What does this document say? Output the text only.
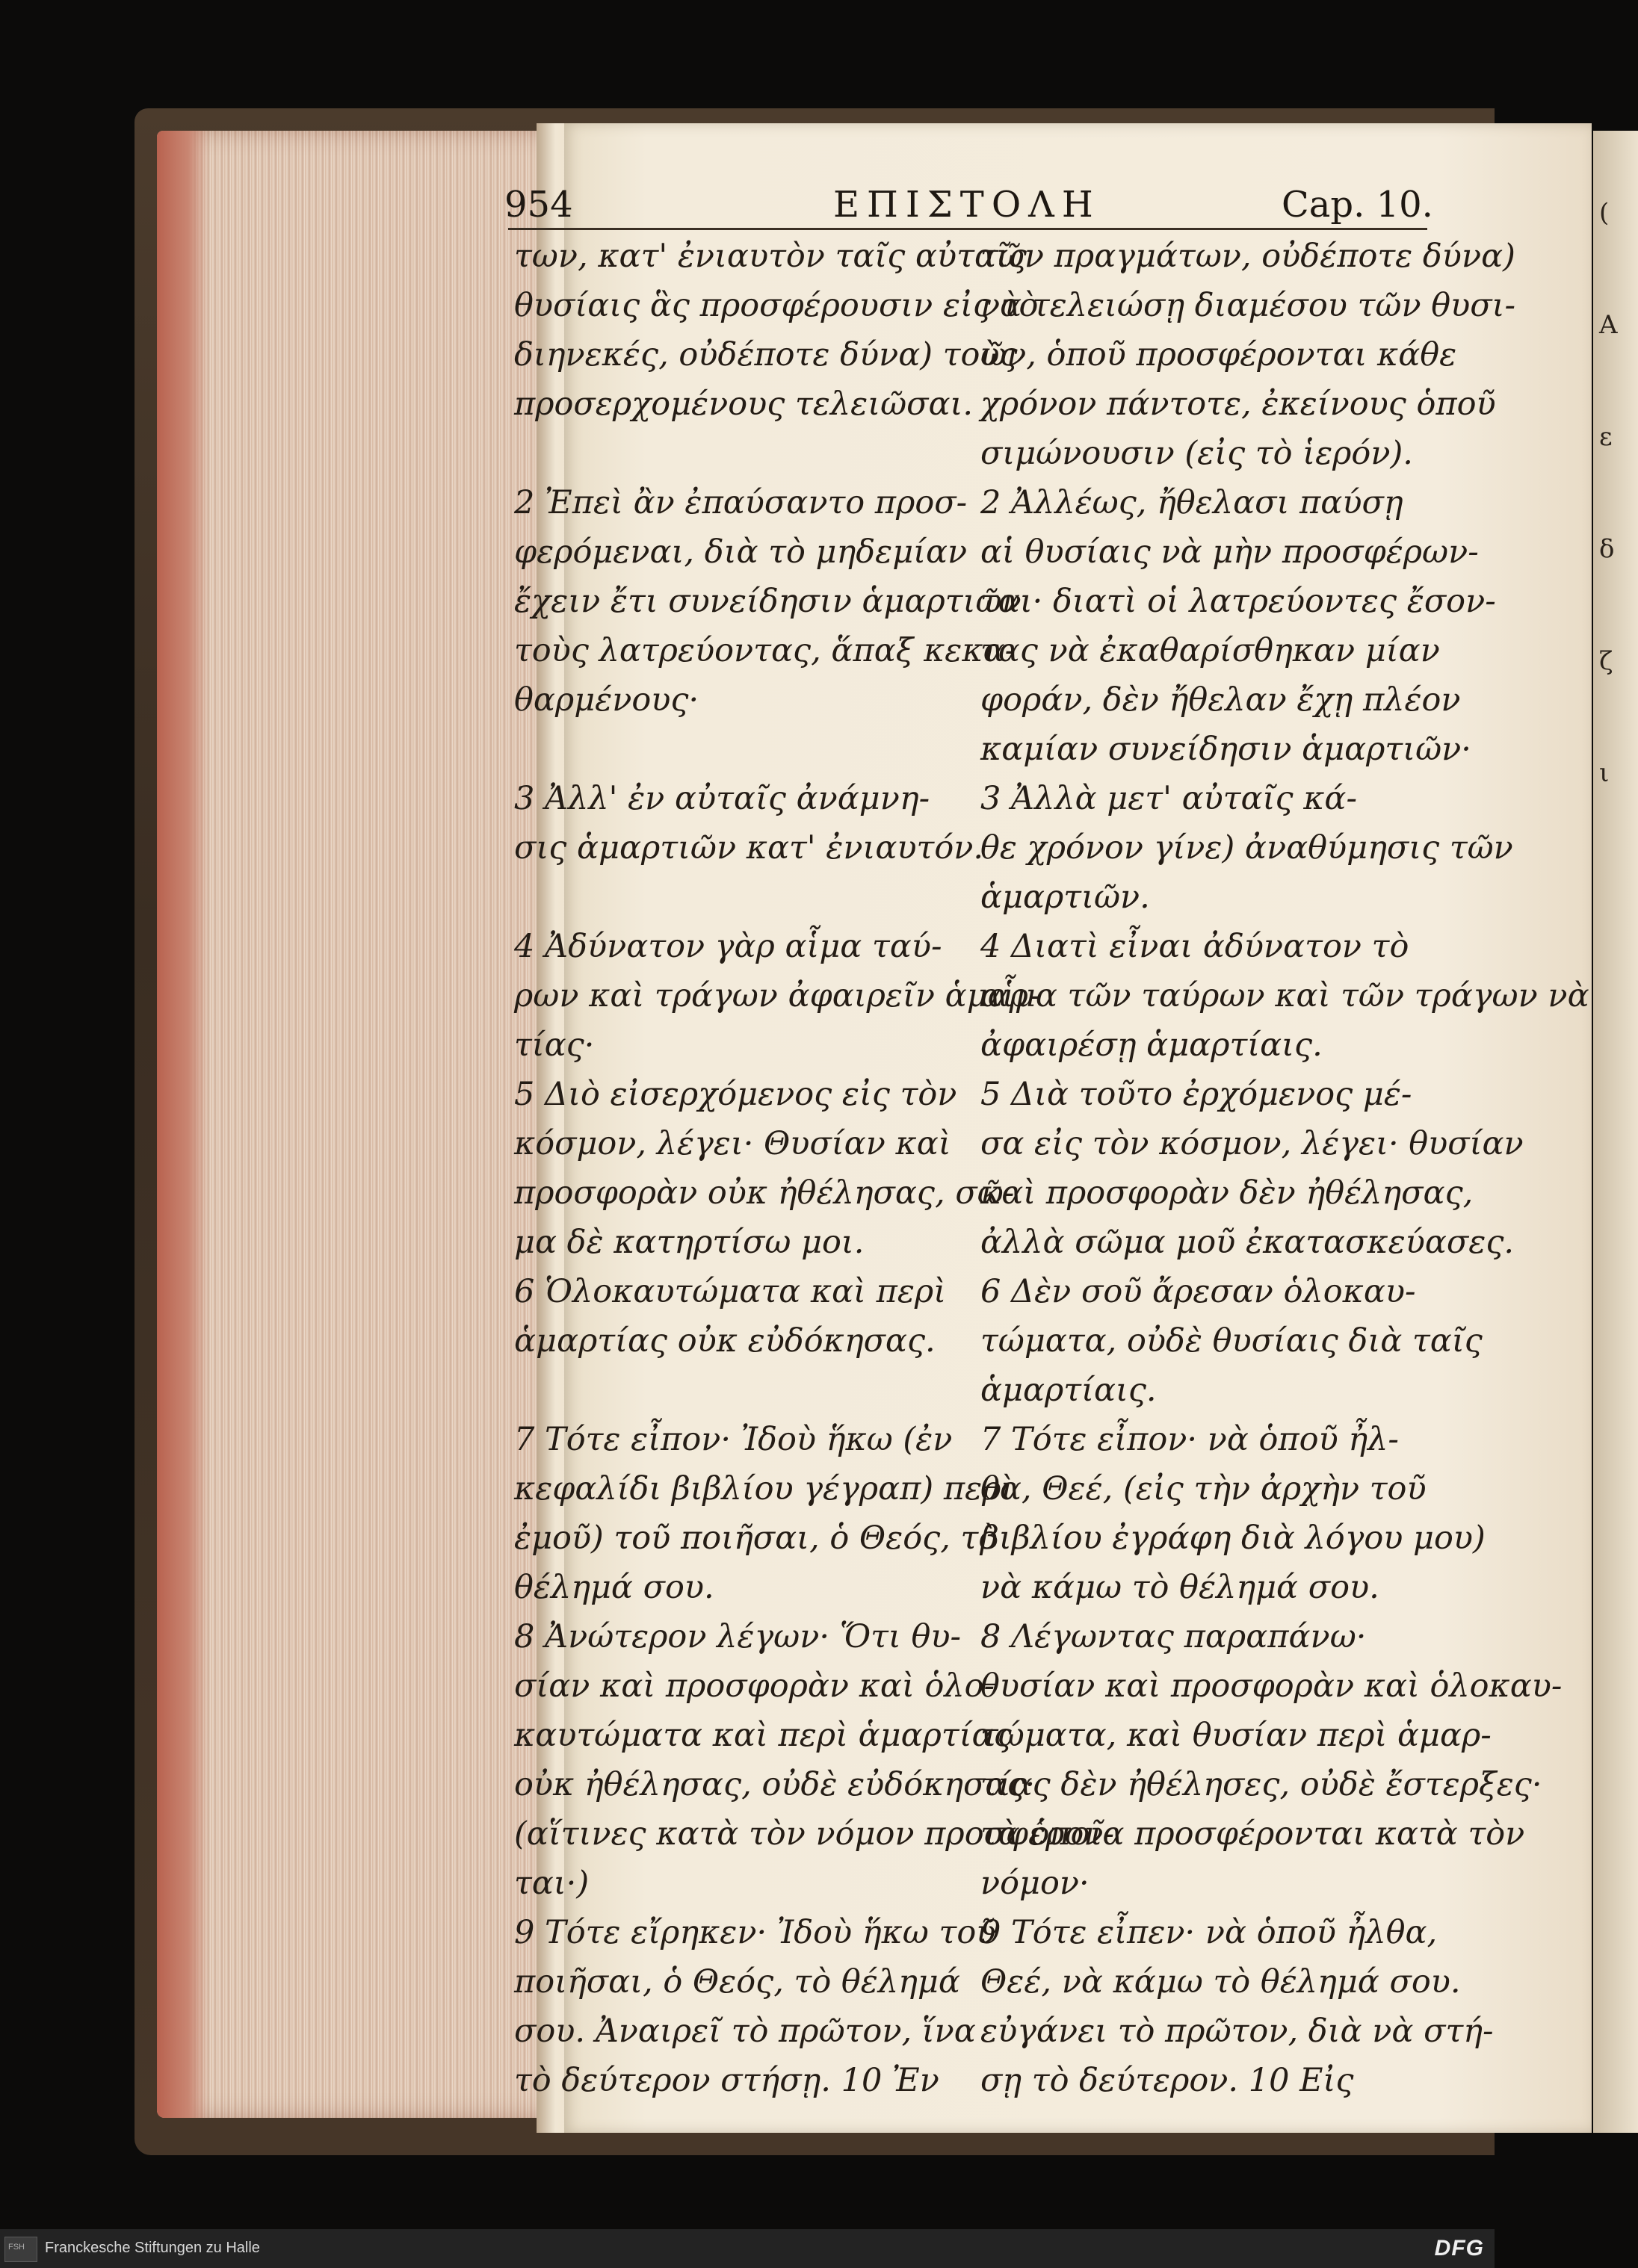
(
Α
ε
δ
ζ
ι
954	ΕΠΙΣΤΟΛΗ	Cap. 10.
των, κατ' ἐνιαυτὸν ταῖς αὐταῖς
θυσίαις ἃς προσφέρουσιν εἰς τὸ
διηνεκές, οὐδέποτε δύνα) τοὺς
προσερχομένους τελειῶσαι.
2 Ἐπεὶ ἂν ἐπαύσαντο προσ-
φερόμεναι, διὰ τὸ μηδεμίαν
ἔχειν ἔτι συνείδησιν ἁμαρτιῶν
τοὺς λατρεύοντας, ἅπαξ κεκα-
θαρμένους·
3 Ἀλλ' ἐν αὐταῖς ἀνάμνη-
σις ἁμαρτιῶν κατ' ἐνιαυτόν.
4 Ἀδύνατον γὰρ αἷμα ταύ-
ρων καὶ τράγων ἀφαιρεῖν ἁμαρ-
τίας·
5 Διὸ εἰσερχόμενος εἰς τὸν
κόσμον, λέγει· Θυσίαν καὶ
προσφορὰν οὐκ ἠθέλησας, σῶ-
μα δὲ κατηρτίσω μοι.
6 Ὁλοκαυτώματα καὶ περὶ
ἁμαρτίας οὐκ εὐδόκησας.
7 Τότε εἶπον· Ἰδοὺ ἥκω (ἐν
κεφαλίδι βιβλίου γέγραπ) περὶ
ἐμοῦ) τοῦ ποιῆσαι, ὁ Θεός, τὸ
θέλημά σου.
8 Ἀνώτερον λέγων· Ὅτι θυ-
σίαν καὶ προσφορὰν καὶ ὁλο-
καυτώματα καὶ περὶ ἁμαρτίας
οὐκ ἠθέλησας, οὐδὲ εὐδόκησας·
(αἵτινες κατὰ τὸν νόμον προσφέρον-
ται·)
9 Τότε εἴρηκεν· Ἰδοὺ ἥκω τοῦ
ποιῆσαι, ὁ Θεός, τὸ θέλημά
σου. Ἀναιρεῖ τὸ πρῶτον, ἵνα
τὸ δεύτερον στήσῃ. 10 Ἐν
τῶν πραγμάτων, οὐδέποτε δύνα)
νὰ τελειώσῃ διαμέσου τῶν θυσι-
ῶν, ὁποῦ προσφέρονται κάθε
χρόνον πάντοτε, ἐκείνους ὁποῦ
σιμώνουσιν (εἰς τὸ ἱερόν).
2 Ἀλλέως, ἤθελασι παύσῃ
αἱ θυσίαις νὰ μὴν προσφέρων-
ται· διατὶ οἱ λατρεύοντες ἔσον-
τας νὰ ἐκαθαρίσθηκαν μίαν
φοράν, δὲν ἤθελαν ἔχῃ πλέον
καμίαν συνείδησιν ἁμαρτιῶν·
3 Ἀλλὰ μετ' αὐταῖς κά-
θε χρόνον γίνε) ἀναθύμησις τῶν
ἁμαρτιῶν.
4 Διατὶ εἶναι ἀδύνατον τὸ
αἷμα τῶν ταύρων καὶ τῶν τράγων νὰ
ἀφαιρέσῃ ἁμαρτίαις.
5 Διὰ τοῦτο ἐρχόμενος μέ-
σα εἰς τὸν κόσμον, λέγει· θυσίαν
καὶ προσφορὰν δὲν ἠθέλησας,
ἀλλὰ σῶμα μοῦ ἐκατασκεύασες.
6 Δὲν σοῦ ἄρεσαν ὁλοκαυ-
τώματα, οὐδὲ θυσίαις διὰ ταῖς
ἁμαρτίαις.
7 Τότε εἶπον· νὰ ὁποῦ ἦλ-
θα, Θεέ, (εἰς τὴν ἀρχὴν τοῦ
βιβλίου ἐγράφη διὰ λόγου μου)
νὰ κάμω τὸ θέλημά σου.
8 Λέγωντας παραπάνω·
θυσίαν καὶ προσφορὰν καὶ ὁλοκαυ-
τώματα, καὶ θυσίαν περὶ ἁμαρ-
τίας δὲν ἠθέλησες, οὐδὲ ἔστερξες·
τὰ ὁποῖα προσφέρονται κατὰ τὸν
νόμον·
9 Τότε εἶπεν· νὰ ὁποῦ ἦλθα,
Θεέ, νὰ κάμω τὸ θέλημά σου.
εὐγάνει τὸ πρῶτον, διὰ νὰ στή-
σῃ τὸ δεύτερον. 10 Εἰς
FSH Franckesche Stiftungen zu Halle	DFG
